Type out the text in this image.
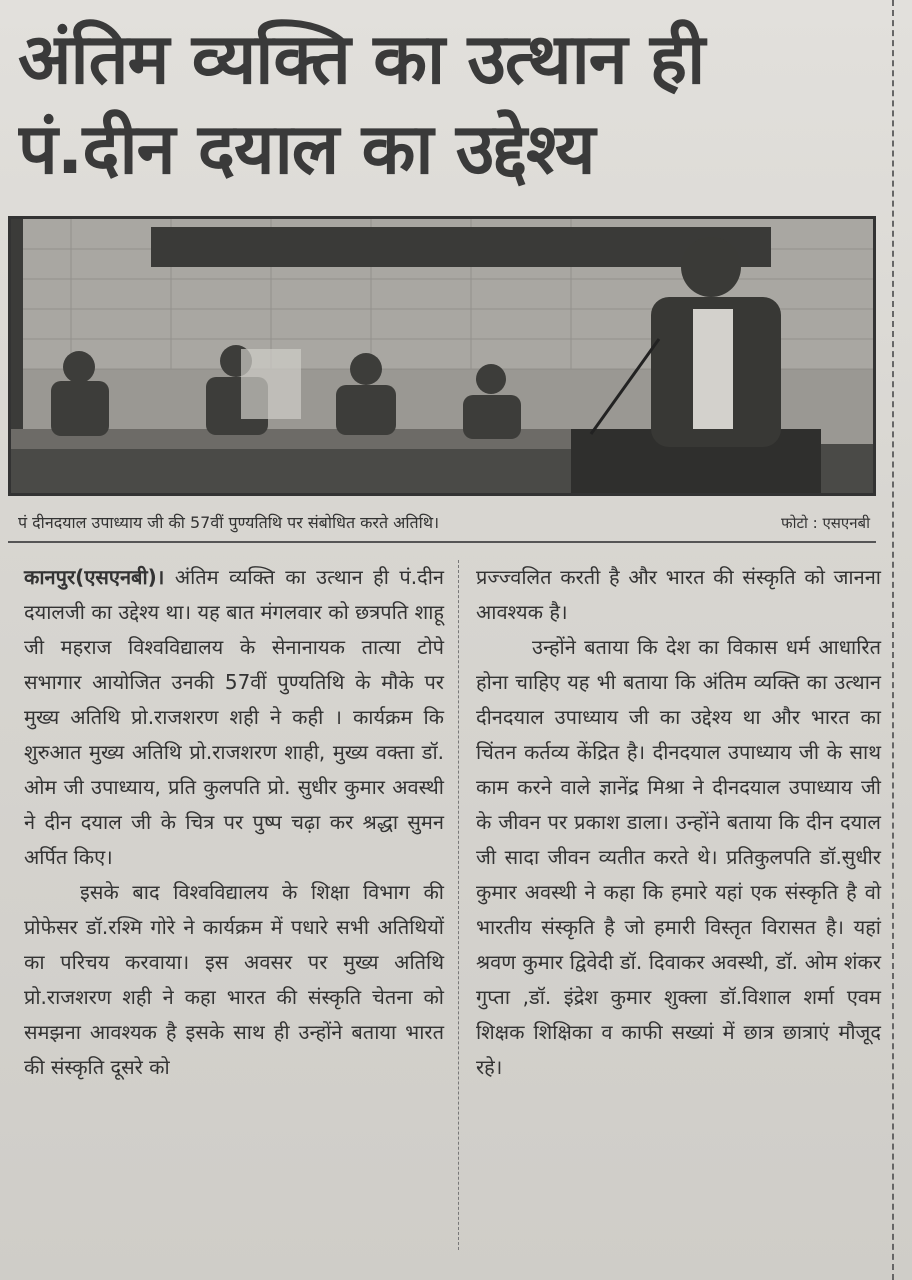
अंतिम व्यक्ति का उत्थान ही
पं.दीन दयाल का उद्देश्य
पं दीनदयाल उपाध्याय जी की 57वीं पुण्यतिथि पर संबोधित करते अतिथि।	फोटो : एसएनबी

कानपुर(एसएनबी)। अंतिम व्यक्ति का उत्थान ही पं.दीन दयालजी का उद्देश्य था। यह बात मंगलवार को छत्रपति शाहू जी महराज विश्वविद्यालय के सेनानायक तात्या टोपे सभागार आयोजित उनकी 57वीं पुण्यतिथि के मौके पर मुख्य अतिथि प्रो.राजशरण शही ने कही । कार्यक्रम कि शुरुआत मुख्य अतिथि प्रो.राजशरण शाही, मुख्य वक्ता डॉ. ओम जी उपाध्याय, प्रति कुलपति प्रो. सुधीर कुमार अवस्थी ने दीन दयाल जी के चित्र पर पुष्प चढ़ा कर श्रद्धा सुमन अर्पित किए।

इसके बाद विश्वविद्यालय के शिक्षा विभाग की प्रोफेसर डॉ.रश्मि गोरे ने कार्यक्रम में पधारे सभी अतिथियों का परिचय करवाया। इस अवसर पर मुख्य अतिथि प्रो.राजशरण शही ने कहा भारत की संस्कृति चेतना को समझना आवश्यक है इसके साथ ही उन्होंने बताया भारत की संस्कृति दूसरे को

प्रज्ज्वलित करती है और भारत की संस्कृति को जानना आवश्यक है।

उन्होंने बताया कि देश का विकास धर्म आधारित होना चाहिए यह भी बताया कि अंतिम व्यक्ति का उत्थान दीनदयाल उपाध्याय जी का उद्देश्य था और भारत का चिंतन कर्तव्य केंद्रित है। दीनदयाल उपाध्याय जी के साथ काम करने वाले ज्ञानेंद्र मिश्रा ने दीनदयाल उपाध्याय जी के जीवन पर प्रकाश डाला। उन्होंने बताया कि दीन दयाल जी सादा जीवन व्यतीत करते थे। प्रतिकुलपति डॉ.सुधीर कुमार अवस्थी ने कहा कि हमारे यहां एक संस्कृति है वो भारतीय संस्कृति है जो हमारी विस्तृत विरासत है। यहां श्रवण कुमार द्विवेदी डॉ. दिवाकर अवस्थी, डॉ. ओम शंकर गुप्ता ,डॉ. इंद्रेश कुमार शुक्ला डॉ.विशाल शर्मा एवम शिक्षक शिक्षिका व काफी सख्यां में छात्र छात्राएं मौजूद रहे।
